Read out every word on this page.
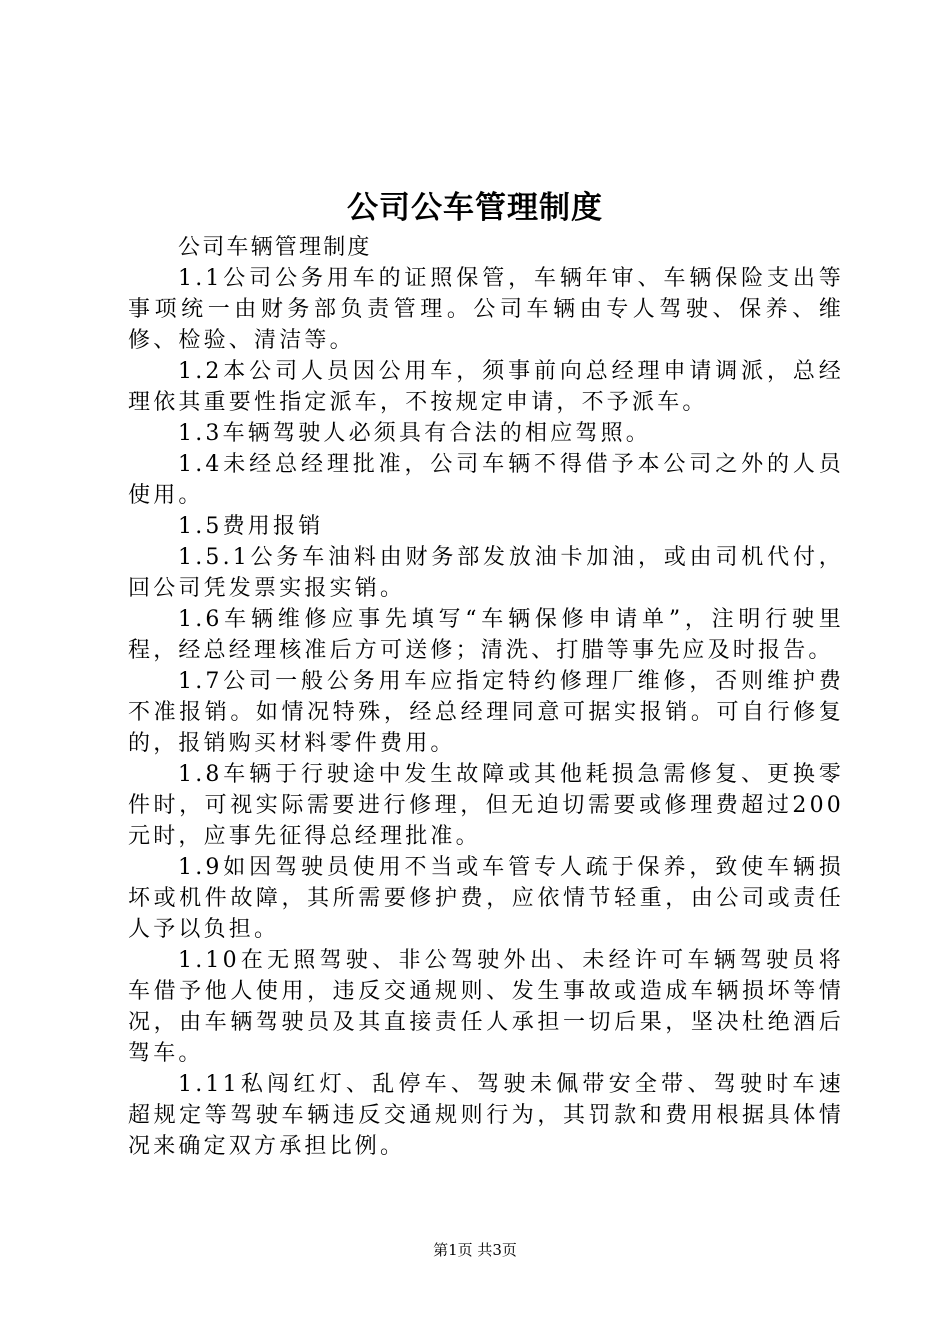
公司公车管理制度

公司车辆管理制度

1.1公司公务用车的证照保管，车辆年审、车辆保险支出等事项统一由财务部负责管理。公司车辆由专人驾驶、保养、维修、检验、清洁等。

1.2本公司人员因公用车，须事前向总经理申请调派，总经理依其重要性指定派车，不按规定申请，不予派车。

1.3车辆驾驶人必须具有合法的相应驾照。

1.4未经总经理批准，公司车辆不得借予本公司之外的人员使用。

1.5费用报销

1.5.1公务车油料由财务部发放油卡加油，或由司机代付，回公司凭发票实报实销。

1.6车辆维修应事先填写“车辆保修申请单”，注明行驶里程，经总经理核准后方可送修；清洗、打腊等事先应及时报告。

1.7公司一般公务用车应指定特约修理厂维修，否则维护费不准报销。如情况特殊，经总经理同意可据实报销。可自行修复的，报销购买材料零件费用。

1.8车辆于行驶途中发生故障或其他耗损急需修复、更换零件时，可视实际需要进行修理，但无迫切需要或修理费超过200元时，应事先征得总经理批准。

1.9如因驾驶员使用不当或车管专人疏于保养，致使车辆损坏或机件故障，其所需要修护费，应依情节轻重，由公司或责任人予以负担。

1.10在无照驾驶、非公驾驶外出、未经许可车辆驾驶员将车借予他人使用，违反交通规则、发生事故或造成车辆损坏等情况，由车辆驾驶员及其直接责任人承担一切后果，坚决杜绝酒后驾车。

1.11私闯红灯、乱停车、驾驶未佩带安全带、驾驶时车速超规定等驾驶车辆违反交通规则行为，其罚款和费用根据具体情况来确定双方承担比例。

第1页 共3页
